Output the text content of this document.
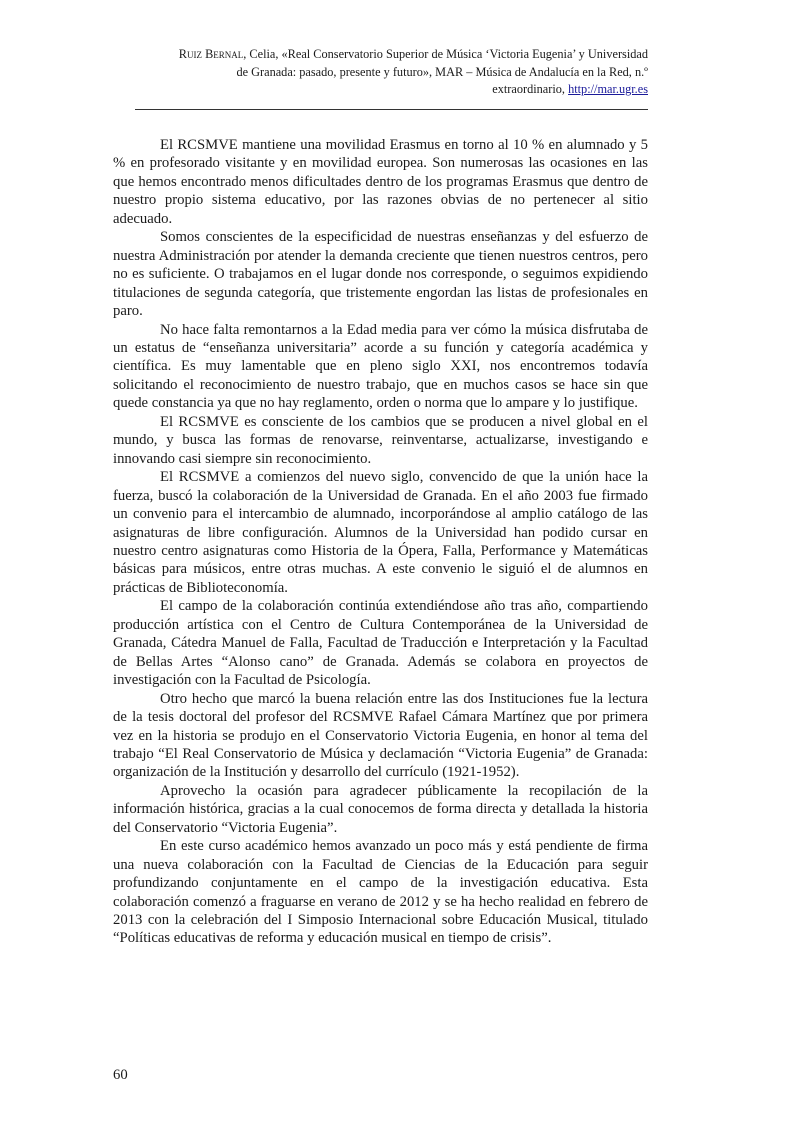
Ruiz Bernal, Celia, «Real Conservatorio Superior de Música ‘Victoria Eugenia’ y Universidad
de Granada: pasado, presente y futuro», MAR – Música de Andalucía en la Red, n.º
extraordinario, http://mar.ugr.es

El RCSMVE mantiene una movilidad Erasmus en torno al 10 % en alumnado y 5 % en profesorado visitante y en movilidad europea. Son numerosas las ocasiones en las que hemos encontrado menos dificultades dentro de los programas Erasmus que dentro de nuestro propio sistema educativo, por las razones obvias de no pertenecer al sitio adecuado.

Somos conscientes de la especificidad de nuestras enseñanzas y del esfuerzo de nuestra Administración por atender la demanda creciente que tienen nuestros centros, pero no es suficiente. O trabajamos en el lugar donde nos corresponde, o seguimos expidiendo titulaciones de segunda categoría, que tristemente engordan las listas de profesionales en paro.

No hace falta remontarnos a la Edad media para ver cómo la música disfrutaba de un estatus de “enseñanza universitaria” acorde a su función y categoría académica y científica. Es muy lamentable que en pleno siglo XXI, nos encontremos todavía solicitando el reconocimiento de nuestro trabajo, que en muchos casos se hace sin que quede constancia ya que no hay reglamento, orden o norma que lo ampare y lo justifique.

El RCSMVE es consciente de los cambios que se producen a nivel global en el mundo, y busca las formas de renovarse, reinventarse, actualizarse, investigando e innovando casi siempre sin reconocimiento.

El RCSMVE a comienzos del nuevo siglo, convencido de que la unión hace la fuerza, buscó la colaboración de la Universidad de Granada. En el año 2003 fue firmado un convenio para el intercambio de alumnado, incorporándose al amplio catálogo de las asignaturas de libre configuración. Alumnos de la Universidad han podido cursar en nuestro centro asignaturas como Historia de la Ópera, Falla, Performance y Matemáticas básicas para músicos, entre otras muchas. A este convenio le siguió el de alumnos en prácticas de Biblioteconomía.

El campo de la colaboración continúa extendiéndose año tras año, compartiendo producción artística con el Centro de Cultura Contemporánea de la Universidad de Granada, Cátedra Manuel de Falla, Facultad de Traducción e Interpretación y la Facultad de Bellas Artes “Alonso cano” de Granada. Además se colabora en proyectos de investigación con la Facultad de Psicología.

Otro hecho que marcó la buena relación entre las dos Instituciones fue la lectura de la tesis doctoral del profesor del RCSMVE Rafael Cámara Martínez que por primera vez en la historia se produjo en el Conservatorio Victoria Eugenia, en honor al tema del trabajo “El Real Conservatorio de Música y declamación “Victoria Eugenia” de Granada: organización de la Institución y desarrollo del currículo (1921-1952).

Aprovecho la ocasión para agradecer públicamente la recopilación de la información histórica, gracias a la cual conocemos de forma directa y detallada la historia del Conservatorio “Victoria Eugenia”.

En este curso académico hemos avanzado un poco más y está pendiente de firma una nueva colaboración con la Facultad de Ciencias de la Educación para seguir profundizando conjuntamente en el campo de la investigación educativa. Esta colaboración comenzó a fraguarse en verano de 2012 y se ha hecho realidad en febrero de 2013 con la celebración del I Simposio Internacional sobre Educación Musical, titulado “Políticas educativas de reforma y educación musical en tiempo de crisis”.

60
